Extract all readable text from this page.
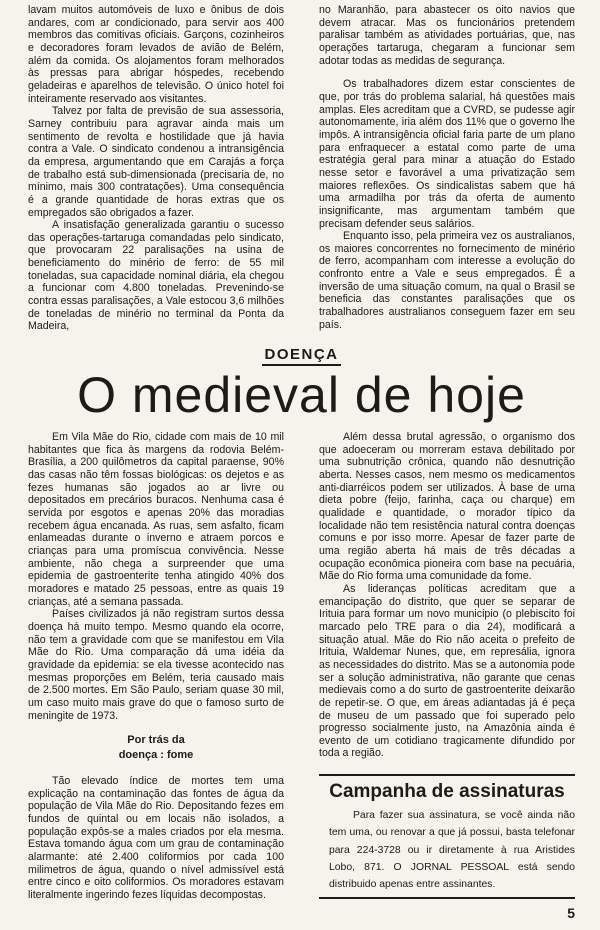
lavam muitos automóveis de luxo e ônibus de dois andares, com ar condicionado, para servir aos 400 membros das comitivas oficiais. Garçons, cozinheiros e decoradores foram levados de avião de Belém, além da comida. Os alojamentos foram melhorados às pressas para abrigar hóspedes, recebendo geladeiras e aparelhos de televisão. O único hotel foi inteiramente reservado aos visitantes.

Talvez por falta de previsão de sua assessoria, Sarney contribuiu para agravar ainda mais um sentimento de revolta e hostilidade que já havia contra a Vale. O sindicato condenou a intransigência da empresa, argumentando que em Carajás a força de trabalho está sub-dimensionada (precisaria de, no mínimo, mais 300 contratações). Uma consequência é a grande quantidade de horas extras que os empregados são obrigados a fazer.

A insatisfação generalizada garantiu o sucesso das operações-tartaruga comandadas pelo sindicato, que provocaram 22 paralisações na usina de beneficiamento do minério de ferro: de 55 mil toneladas, sua capacidade nominal diária, ela chegou a funcionar com 4.800 toneladas. Prevenindo-se contra essas paralisações, a Vale estocou 3,6 milhões de toneladas de minério no terminal da Ponta da Madeira,

no Maranhão, para abastecer os oito navios que devem atracar. Mas os funcionários pretendem paralisar também as atividades portuárias, que, nas operações tartaruga, chegaram a funcionar sem adotar todas as medidas de segurança.

Os trabalhadores dizem estar conscientes de que, por trás do problema salarial, há questões mais amplas. Eles acreditam que a CVRD, se pudesse agir autonomamente, iria além dos 11% que o governo lhe impôs. A intransigência oficial faria parte de um plano para enfraquecer a estatal como parte de uma estratégia geral para minar a atuação do Estado nesse setor e favorável a uma privatização sem maiores reflexões. Os sindicalistas sabem que há uma armadilha por trás da oferta de aumento insignificante, mas argumentam também que precisam defender seus salários.

Enquanto isso, pela primeira vez os australianos, os maiores concorrentes no fornecimento de minério de ferro, acompanham com interesse a evolução do confronto entre a Vale e seus empregados. É a inversão de uma situação comum, na qual o Brasil se beneficia das constantes paralisações que os trabalhadores australianos conseguem fazer em seu país.

DOENÇA
O medieval de hoje

Em Vila Mãe do Rio, cidade com mais de 10 mil habitantes que fica às margens da rodovia Belém-Brasília, a 200 quilômetros da capital paraense, 90% das casas não têm fossas biológicas: os dejetos e as fezes humanas são jogados ao ar livre ou depositados em precários buracos. Nenhuma casa é servida por esgotos e apenas 20% das moradias recebem água encanada. As ruas, sem asfalto, ficam enlameadas durante o inverno e atraem porcos e crianças para uma promíscua convivência. Nesse ambiente, não chega a surpreender que uma epidemia de gastroenterite tenha atingido 40% dos moradores e matado 25 pessoas, entre as quais 19 crianças, até a semana passada.

Países civilizados já não registram surtos dessa doença há muito tempo. Mesmo quando ela ocorre, não tem a gravidade com que se manifestou em Vila Mãe do Rio. Uma comparação dá uma idéia da gravidade da epidemia: se ela tivesse acontecido nas mesmas proporções em Belém, teria causado mais de 2.500 mortes. Em São Paulo, seriam quase 30 mil, um caso muito mais grave do que o famoso surto de meningite de 1973.

Por trás da
doença : fome

Tão elevado índice de mortes tem uma explicação na contaminação das fontes de água da população de Vila Mãe do Rio. Depositando fezes em fundos de quintal ou em locais não isolados, a população expôs-se a males criados por ela mesma. Estava tomando água com um grau de contaminação alarmante: até 2.400 coliformios por cada 100 milimetros de água, quando o nível admissível está entre cinco e oito coliformios. Os moradores estavam literalmente ingerindo fezes líquidas decompostas.

Além dessa brutal agressão, o organismo dos que adoeceram ou morreram estava debilitado por uma subnutrição crônica, quando não desnutrição aberta. Nesses casos, nem mesmo os medicamentos anti-diarréicos podem ser utilizados. À base de uma dieta pobre (feijo, farinha, caça ou charque) em qualidade e quantidade, o morador típico da localidade não tem resistência natural contra doenças comuns e por isso morre. Apesar de fazer parte de uma região aberta há mais de três décadas a ocupação econômica pioneira com base na pecuária, Mãe do Rio forma uma comunidade da fome.

As lideranças políticas acreditam que a emancipação do distrito, que quer se separar de Irituia para formar um novo municipio (o plebiscito foi marcado pelo TRE para o dia 24), modificará a situação atual. Mãe do Rio não aceita o prefeito de Irituia, Waldemar Nunes, que, em represália, ignora as necessidades do distrito. Mas se a autonomia pode ser a solução administrativa, não garante que cenas medievais como a do surto de gastroenterite deixarão de repetir-se. O que, em áreas adiantadas já é peça de museu de um passado que foi superado pelo progresso socialmente justo, na Amazônia ainda é evento de um cotidiano tragicamente difundido por toda a região.

Campanha de assinaturas

Para fazer sua assinatura, se você ainda não tem uma, ou renovar a que já possui, basta telefonar para 224-3728 ou ir diretamente à rua Aristides Lobo, 871. O JORNAL PESSOAL está sendo distribuido apenas entre assinantes.

5
